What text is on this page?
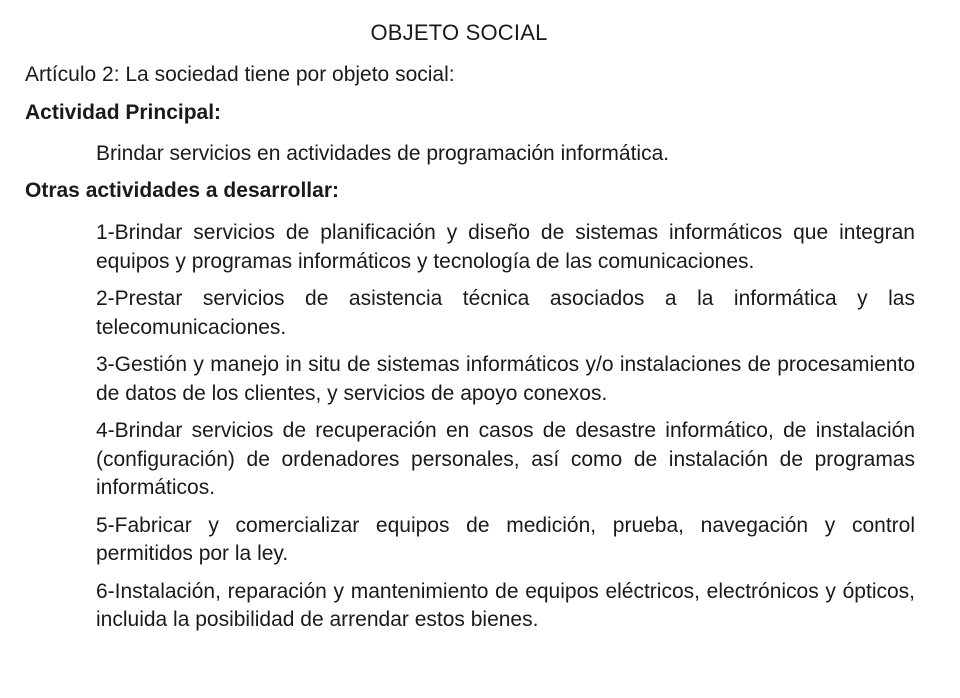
OBJETO SOCIAL
Artículo 2: La sociedad tiene por objeto social:
Actividad Principal:
Brindar servicios en actividades de programación informática.
Otras actividades a desarrollar:

1-Brindar servicios de planificación y diseño de sistemas informáticos que integran equipos y programas informáticos y tecnología de las comunicaciones.

2-Prestar servicios de asistencia técnica asociados a la informática y las telecomunicaciones.

3-Gestión y manejo in situ de sistemas informáticos y/o instalaciones de procesamiento de datos de los clientes, y servicios de apoyo conexos.

4-Brindar servicios de recuperación en casos de desastre informático, de instalación (configuración) de ordenadores personales, así como de instalación de programas informáticos.

5-Fabricar y comercializar equipos de medición, prueba, navegación y control permitidos por la ley.

6-Instalación, reparación y mantenimiento de equipos eléctricos, electrónicos y ópticos, incluida la posibilidad de arrendar estos bienes.
